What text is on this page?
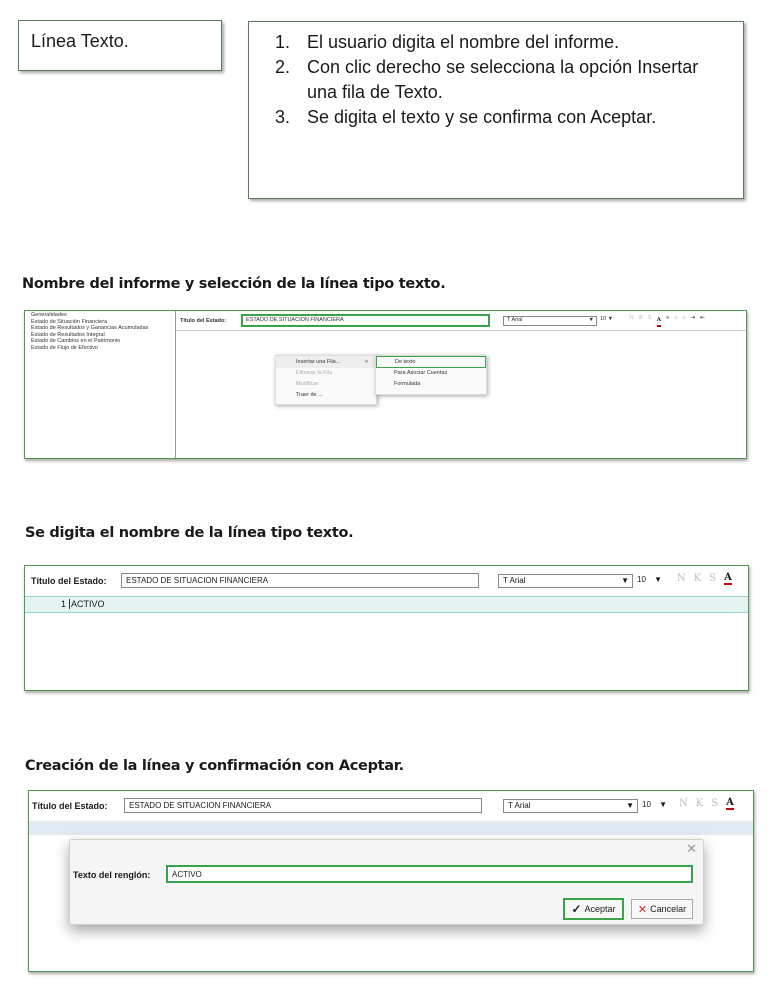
Línea Texto.
1.	El usuario digita el nombre del informe.
2. Con clic derecho se selecciona la opción Insertar una fila de Texto.
3. Se digita el texto y se confirma con Aceptar.
Nombre del informe y selección de la línea tipo texto.
Generalidades
Estado de Situación Financiera
Estado de Resultados y Ganancias Acumuladas
Estado de Resultados Integral
Estado de Cambios en el Patrimonio
Estado de Flujo de Efectivo
Título del Estado:	ESTADO DE SITUACION FINANCIERA	T Arial	▼ 10 ▼	N K S A ≡ ≡ ≡ ⇥ ⇤
Insertar una Fila...	>
Eliminar la Fila
Modificar
Traer de ...
De texto
Para Asociar Cuentas
Formulada
Se digita el nombre de la línea tipo texto.
Título del Estado:	ESTADO DE SITUACION FINANCIERA	T Arial	▼ 10 ▼ N K S A
1 ACTIVO
Creación de la línea y confirmación con Aceptar.
Título del Estado:	ESTADO DE SITUACION FINANCIERA	T Arial	▼ 10 ▼ N K S A
✕
Texto del renglón:	ACTIVO
✓ Aceptar ✕ Cancelar
